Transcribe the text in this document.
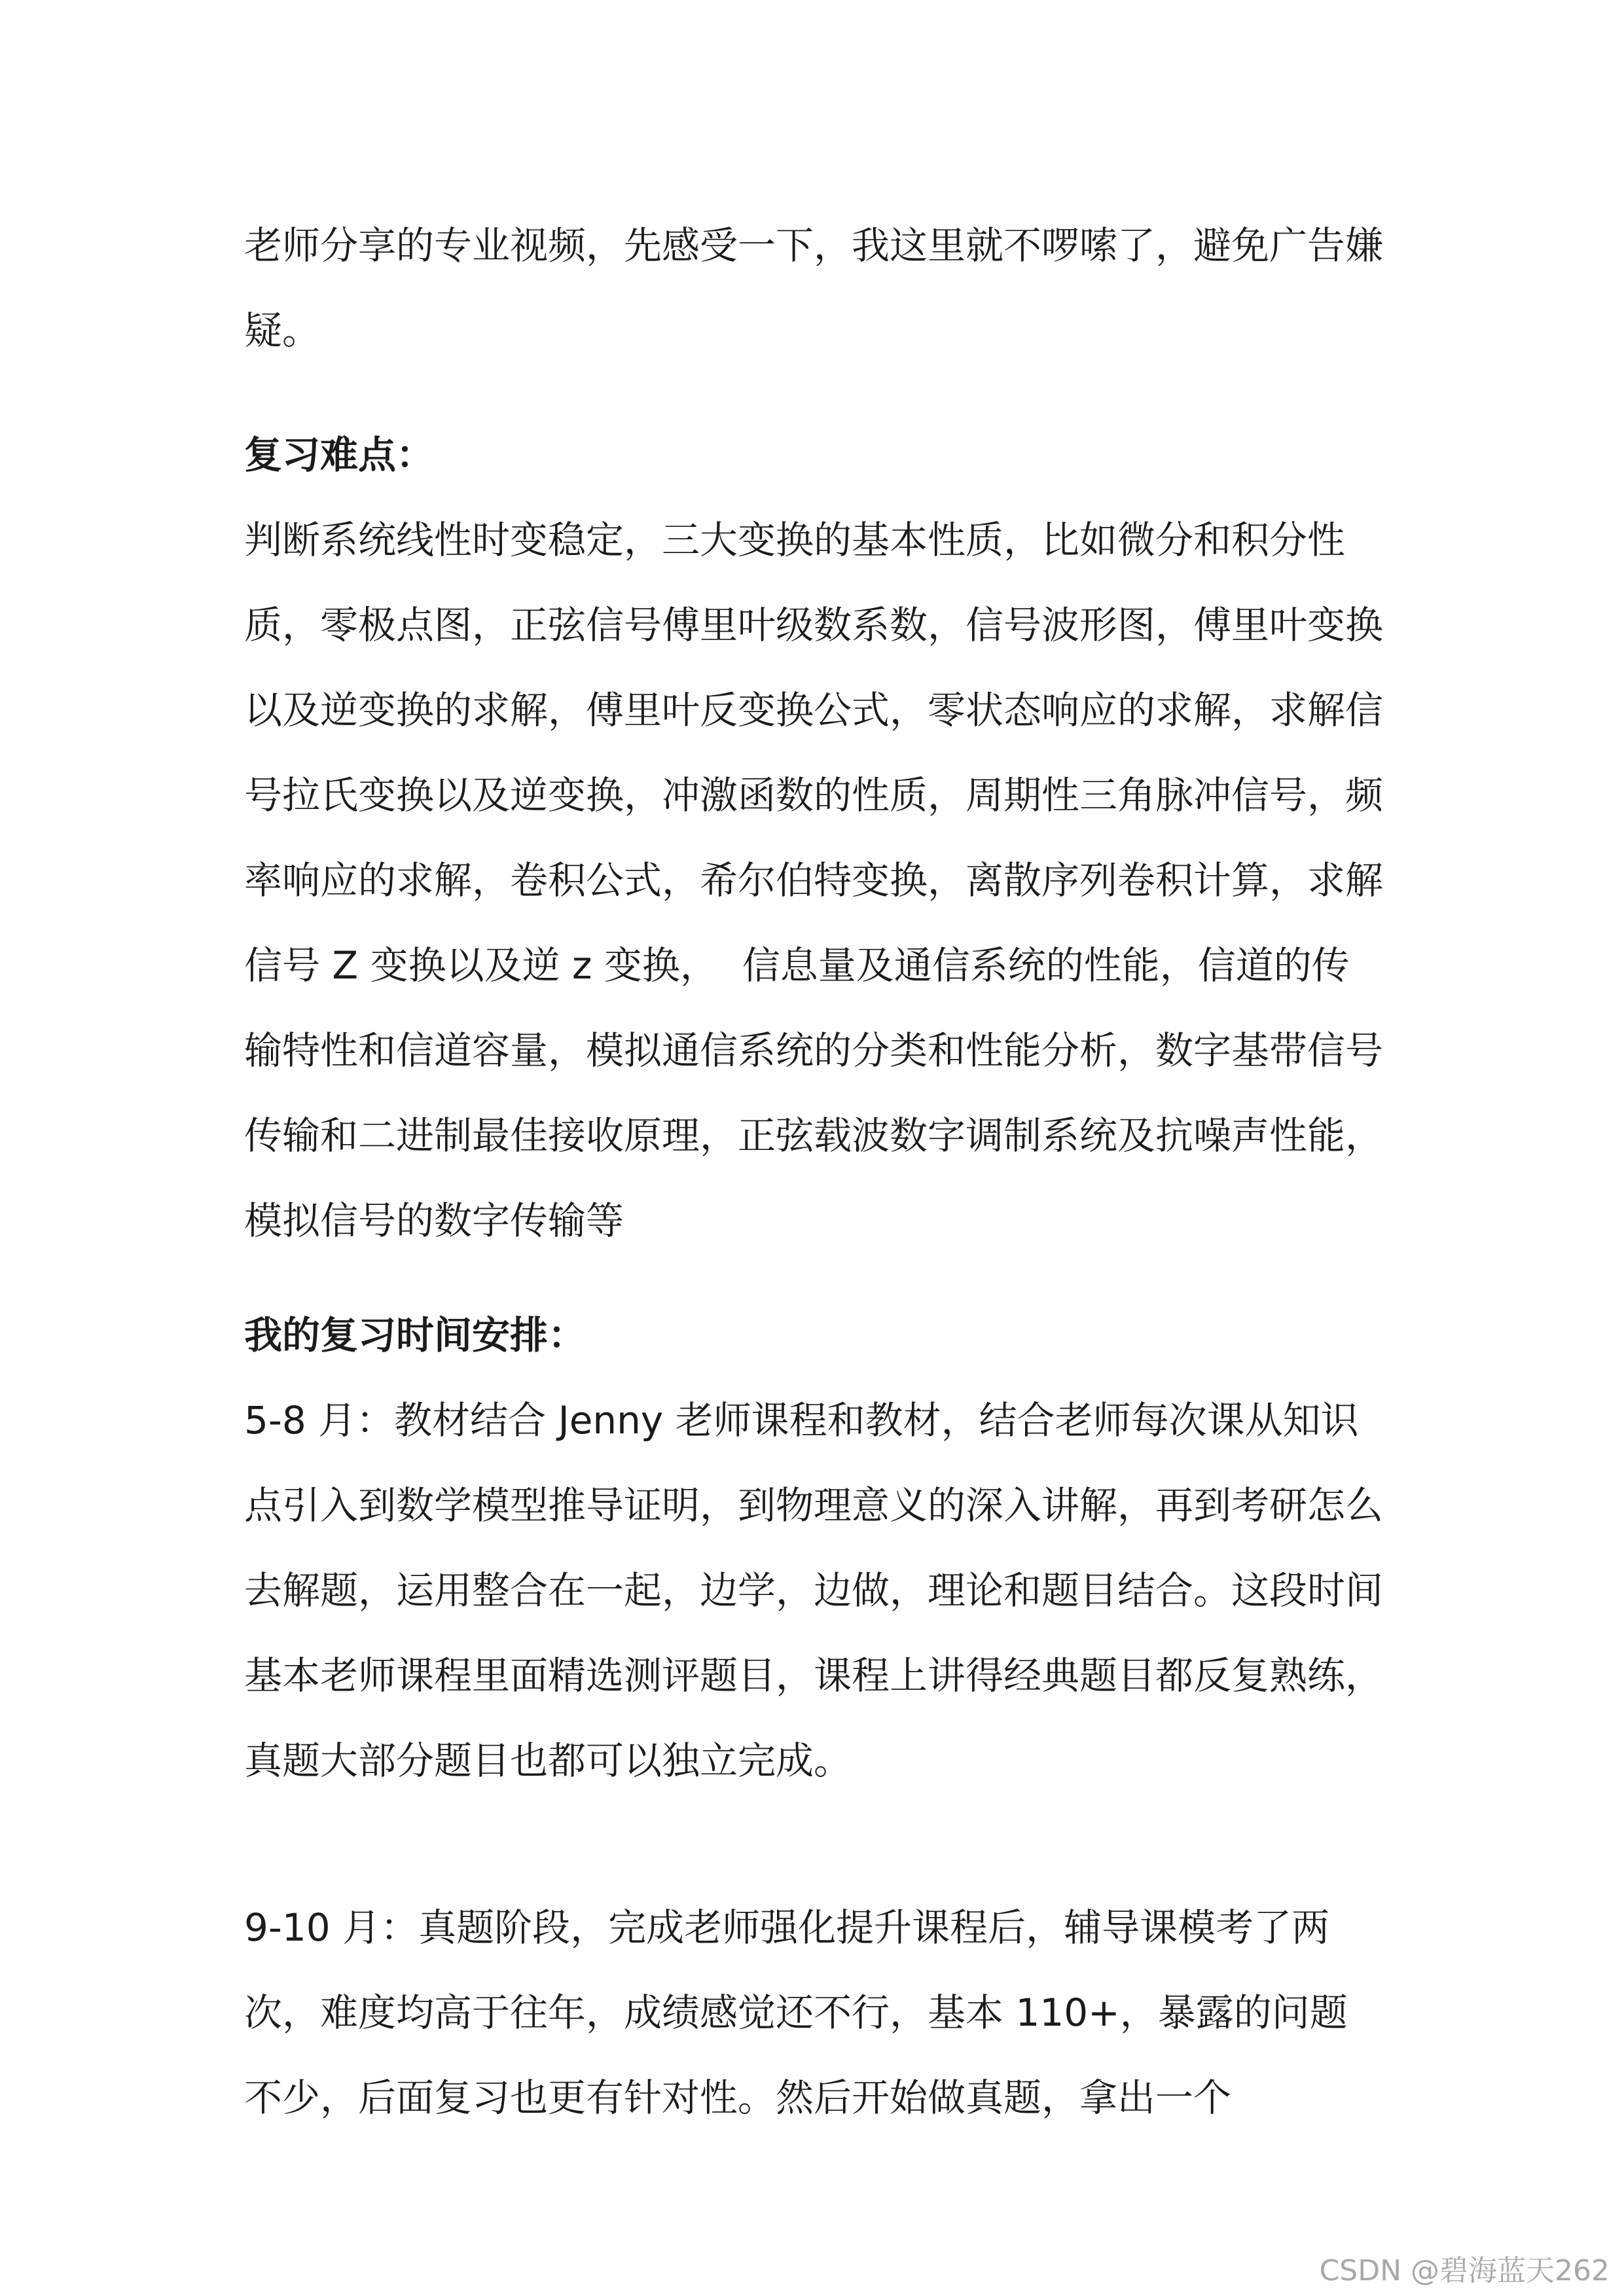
老师分享的专业视频，先感受一下，我这里就不啰嗦了，避免广告嫌疑。

复习难点：

判断系统线性时变稳定，三大变换的基本性质，比如微分和积分性质，零极点图，正弦信号傅里叶级数系数，信号波形图，傅里叶变换以及逆变换的求解，傅里叶反变换公式，零状态响应的求解，求解信号拉氏变换以及逆变换，冲激函数的性质，周期性三角脉冲信号，频率响应的求解，卷积公式，希尔伯特变换，离散序列卷积计算，求解信号 Z 变换以及逆 z 变换，  信息量及通信系统的性能，信道的传输特性和信道容量，模拟通信系统的分类和性能分析，数字基带信号传输和二进制最佳接收原理，正弦载波数字调制系统及抗噪声性能，模拟信号的数字传输等

我的复习时间安排：

5-8 月：教材结合 Jenny 老师课程和教材，结合老师每次课从知识点引入到数学模型推导证明，到物理意义的深入讲解，再到考研怎么去解题，运用整合在一起，边学，边做，理论和题目结合。这段时间基本老师课程里面精选测评题目，课程上讲得经典题目都反复熟练，真题大部分题目也都可以独立完成。

9-10 月：真题阶段，完成老师强化提升课程后，辅导课模考了两次，难度均高于往年，成绩感觉还不行，基本 110+，暴露的问题不少，后面复习也更有针对性。然后开始做真题，拿出一个

CSDN @碧海蓝天262
